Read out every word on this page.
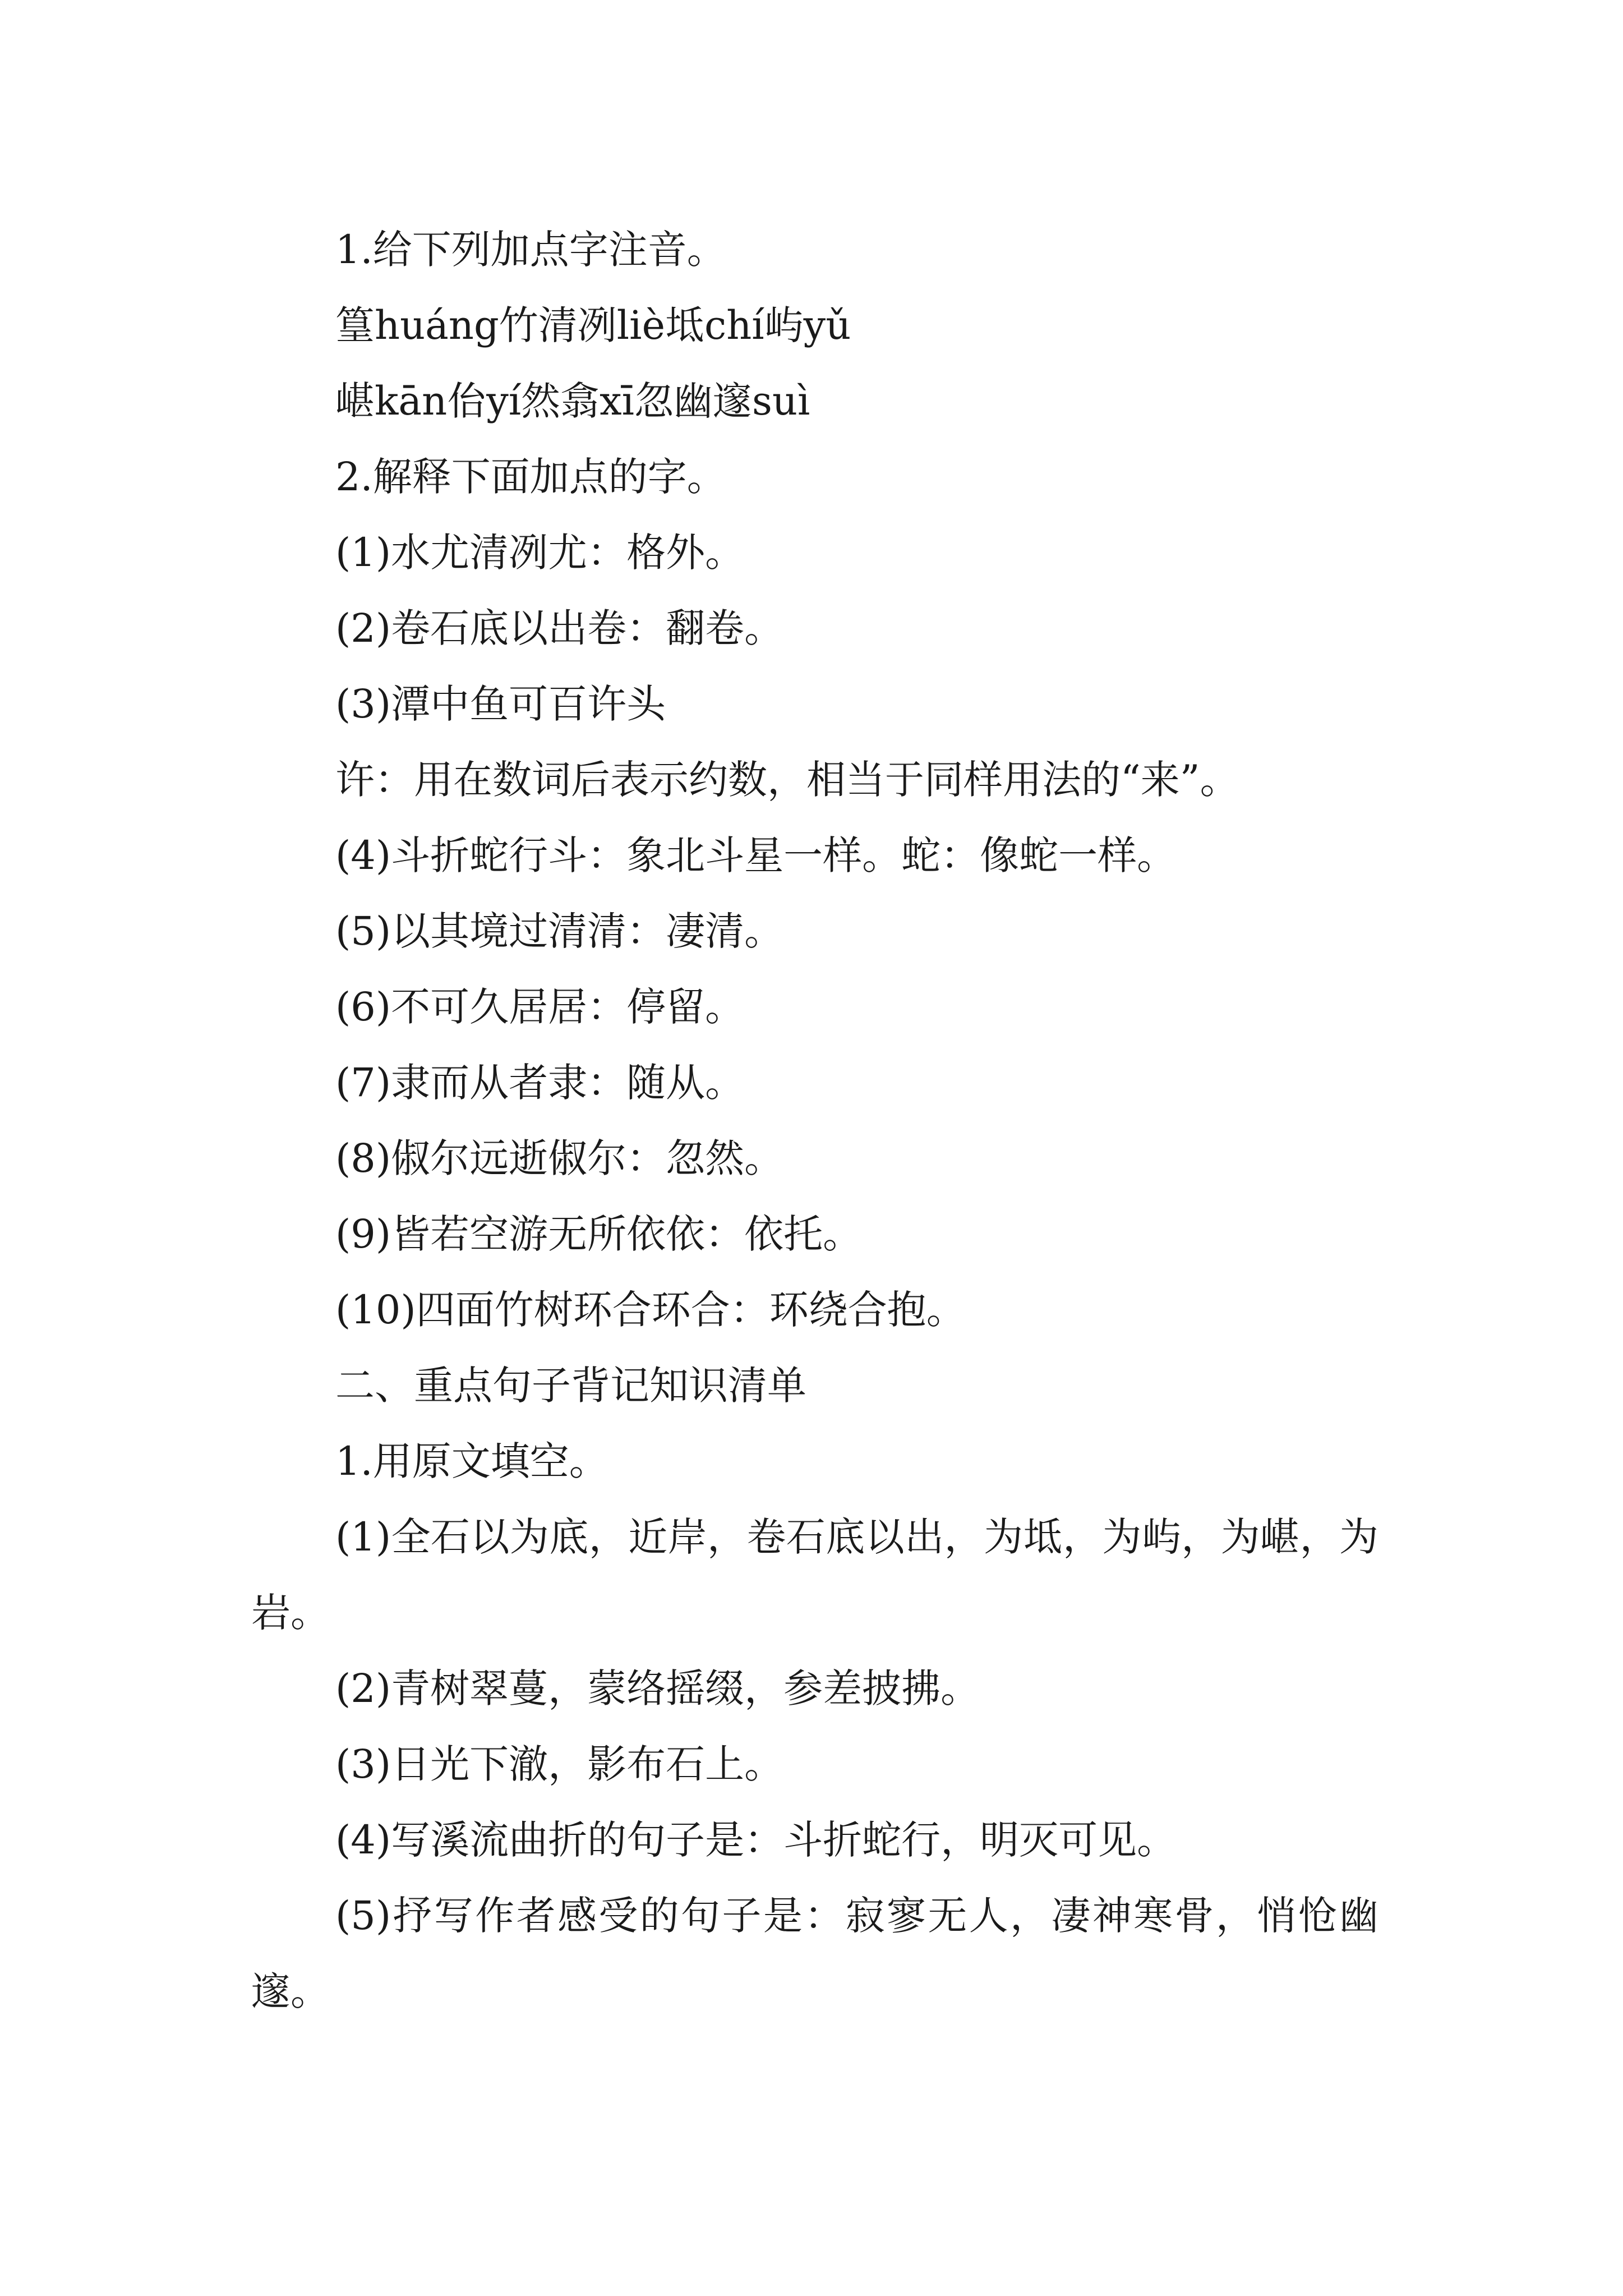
1.给下列加点字注音。

篁huáng竹清冽liè坻chí屿yǔ

嵁kān佁yí然翕xī忽幽邃suì

2.解释下面加点的字。

(1)水尤清冽尤：格外。

(2)卷石底以出卷：翻卷。

(3)潭中鱼可百许头

许：用在数词后表示约数，相当于同样用法的“来”。

(4)斗折蛇行斗：象北斗星一样。蛇：像蛇一样。

(5)以其境过清清：凄清。

(6)不可久居居：停留。

(7)隶而从者隶：随从。

(8)俶尔远逝俶尔：忽然。

(9)皆若空游无所依依：依托。

(10)四面竹树环合环合：环绕合抱。

二、重点句子背记知识清单

1.用原文填空。

(1)全石以为底，近岸，卷石底以出，为坻，为屿，为嵁，为岩。

(2)青树翠蔓，蒙络摇缀，参差披拂。

(3)日光下澈，影布石上。

(4)写溪流曲折的句子是：斗折蛇行，明灭可见。

(5)抒写作者感受的句子是：寂寥无人，凄神寒骨，悄怆幽邃。
